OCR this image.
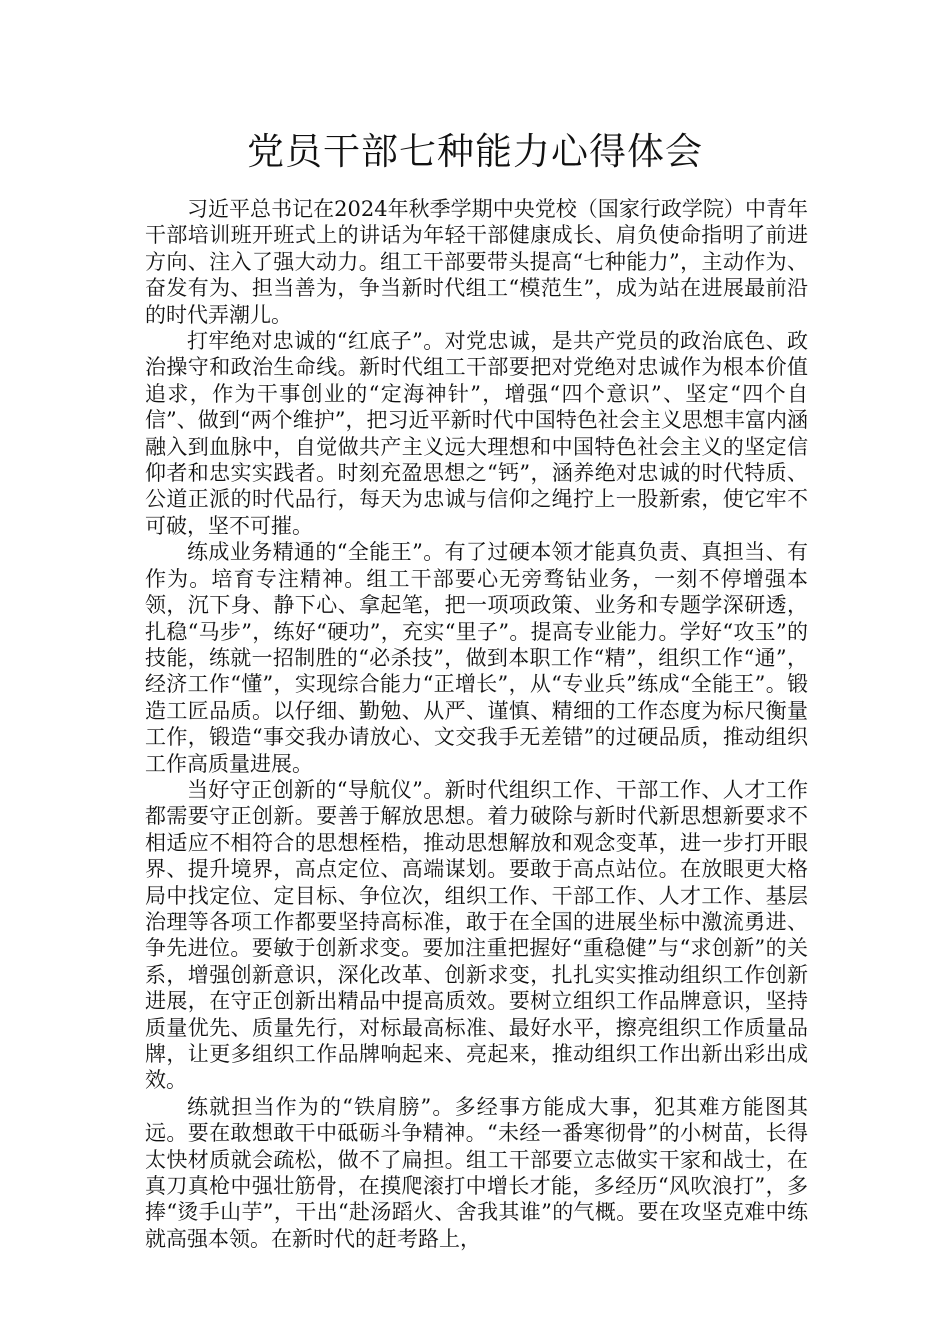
党员干部七种能力心得体会

习近平总书记在2024年秋季学期中央党校（国家行政学院）中青年干部培训班开班式上的讲话为年轻干部健康成长、肩负使命指明了前进方向、注入了强大动力。组工干部要带头提高“七种能力”，主动作为、奋发有为、担当善为，争当新时代组工“模范生”，成为站在进展最前沿的时代弄潮儿。

打牢绝对忠诚的“红底子”。对党忠诚，是共产党员的政治底色、政治操守和政治生命线。新时代组工干部要把对党绝对忠诚作为根本价值追求，作为干事创业的“定海神针”，增强“四个意识”、坚定“四个自信”、做到“两个维护”，把习近平新时代中国特色社会主义思想丰富内涵融入到血脉中，自觉做共产主义远大理想和中国特色社会主义的坚定信仰者和忠实实践者。时刻充盈思想之“钙”，涵养绝对忠诚的时代特质、公道正派的时代品行，每天为忠诚与信仰之绳拧上一股新索，使它牢不可破，坚不可摧。

练成业务精通的“全能王”。有了过硬本领才能真负责、真担当、有作为。培育专注精神。组工干部要心无旁骛钻业务，一刻不停增强本领，沉下身、静下心、拿起笔，把一项项政策、业务和专题学深研透，扎稳“马步”，练好“硬功”，充实“里子”。提高专业能力。学好“攻玉”的技能，练就一招制胜的“必杀技”，做到本职工作“精”，组织工作“通”，经济工作“懂”，实现综合能力“正增长”，从“专业兵”练成“全能王”。锻造工匠品质。以仔细、勤勉、从严、谨慎、精细的工作态度为标尺衡量工作，锻造“事交我办请放心、文交我手无差错”的过硬品质，推动组织工作高质量进展。

当好守正创新的“导航仪”。新时代组织工作、干部工作、人才工作都需要守正创新。要善于解放思想。着力破除与新时代新思想新要求不相适应不相符合的思想桎梏，推动思想解放和观念变革，进一步打开眼界、提升境界，高点定位、高端谋划。要敢于高点站位。在放眼更大格局中找定位、定目标、争位次，组织工作、干部工作、人才工作、基层治理等各项工作都要坚持高标准，敢于在全国的进展坐标中激流勇进、争先进位。要敏于创新求变。要加注重把握好“重稳健”与“求创新”的关系，增强创新意识，深化改革、创新求变，扎扎实实推动组织工作创新进展，在守正创新出精品中提高质效。要树立组织工作品牌意识，坚持质量优先、质量先行，对标最高标准、最好水平，擦亮组织工作质量品牌，让更多组织工作品牌响起来、亮起来，推动组织工作出新出彩出成效。

练就担当作为的“铁肩膀”。多经事方能成大事，犯其难方能图其远。要在敢想敢干中砥砺斗争精神。“未经一番寒彻骨”的小树苗，长得太快材质就会疏松，做不了扁担。组工干部要立志做实干家和战士，在真刀真枪中强壮筋骨，在摸爬滚打中增长才能，多经历“风吹浪打”，多捧“烫手山芋”，干出“赴汤蹈火、舍我其谁”的气概。要在攻坚克难中练就高强本领。在新时代的赶考路上，
